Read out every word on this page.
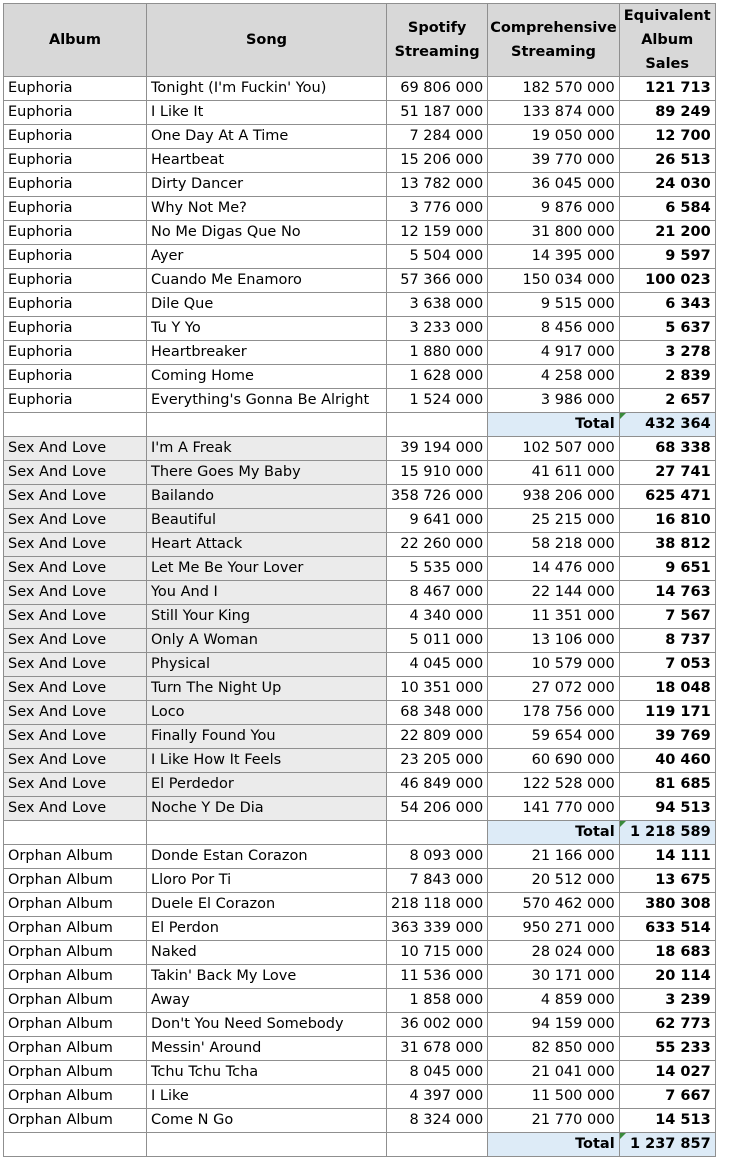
Album	Song	Spotify Streaming	Comprehensive Streaming	Equivalent Album Sales
Euphoria	Tonight (I'm Fuckin' You)	69 806 000	182 570 000	121 713
Euphoria	I Like It	51 187 000	133 874 000	89 249
Euphoria	One Day At A Time	7 284 000	19 050 000	12 700
Euphoria	Heartbeat	15 206 000	39 770 000	26 513
Euphoria	Dirty Dancer	13 782 000	36 045 000	24 030
Euphoria	Why Not Me?	3 776 000	9 876 000	6 584
Euphoria	No Me Digas Que No	12 159 000	31 800 000	21 200
Euphoria	Ayer	5 504 000	14 395 000	9 597
Euphoria	Cuando Me Enamoro	57 366 000	150 034 000	100 023
Euphoria	Dile Que	3 638 000	9 515 000	6 343
Euphoria	Tu Y Yo	3 233 000	8 456 000	5 637
Euphoria	Heartbreaker	1 880 000	4 917 000	3 278
Euphoria	Coming Home	1 628 000	4 258 000	2 839
Euphoria	Everything's Gonna Be Alright	1 524 000	3 986 000	2 657
			Total	432 364
Sex And Love	I'm A Freak	39 194 000	102 507 000	68 338
Sex And Love	There Goes My Baby	15 910 000	41 611 000	27 741
Sex And Love	Bailando	358 726 000	938 206 000	625 471
Sex And Love	Beautiful	9 641 000	25 215 000	16 810
Sex And Love	Heart Attack	22 260 000	58 218 000	38 812
Sex And Love	Let Me Be Your Lover	5 535 000	14 476 000	9 651
Sex And Love	You And I	8 467 000	22 144 000	14 763
Sex And Love	Still Your King	4 340 000	11 351 000	7 567
Sex And Love	Only A Woman	5 011 000	13 106 000	8 737
Sex And Love	Physical	4 045 000	10 579 000	7 053
Sex And Love	Turn The Night Up	10 351 000	27 072 000	18 048
Sex And Love	Loco	68 348 000	178 756 000	119 171
Sex And Love	Finally Found You	22 809 000	59 654 000	39 769
Sex And Love	I Like How It Feels	23 205 000	60 690 000	40 460
Sex And Love	El Perdedor	46 849 000	122 528 000	81 685
Sex And Love	Noche Y De Dia	54 206 000	141 770 000	94 513
			Total	1 218 589
Orphan Album	Donde Estan Corazon	8 093 000	21 166 000	14 111
Orphan Album	Lloro Por Ti	7 843 000	20 512 000	13 675
Orphan Album	Duele El Corazon	218 118 000	570 462 000	380 308
Orphan Album	El Perdon	363 339 000	950 271 000	633 514
Orphan Album	Naked	10 715 000	28 024 000	18 683
Orphan Album	Takin' Back My Love	11 536 000	30 171 000	20 114
Orphan Album	Away	1 858 000	4 859 000	3 239
Orphan Album	Don't You Need Somebody	36 002 000	94 159 000	62 773
Orphan Album	Messin' Around	31 678 000	82 850 000	55 233
Orphan Album	Tchu Tchu Tcha	8 045 000	21 041 000	14 027
Orphan Album	I Like	4 397 000	11 500 000	7 667
Orphan Album	Come N Go	8 324 000	21 770 000	14 513
			Total	1 237 857
